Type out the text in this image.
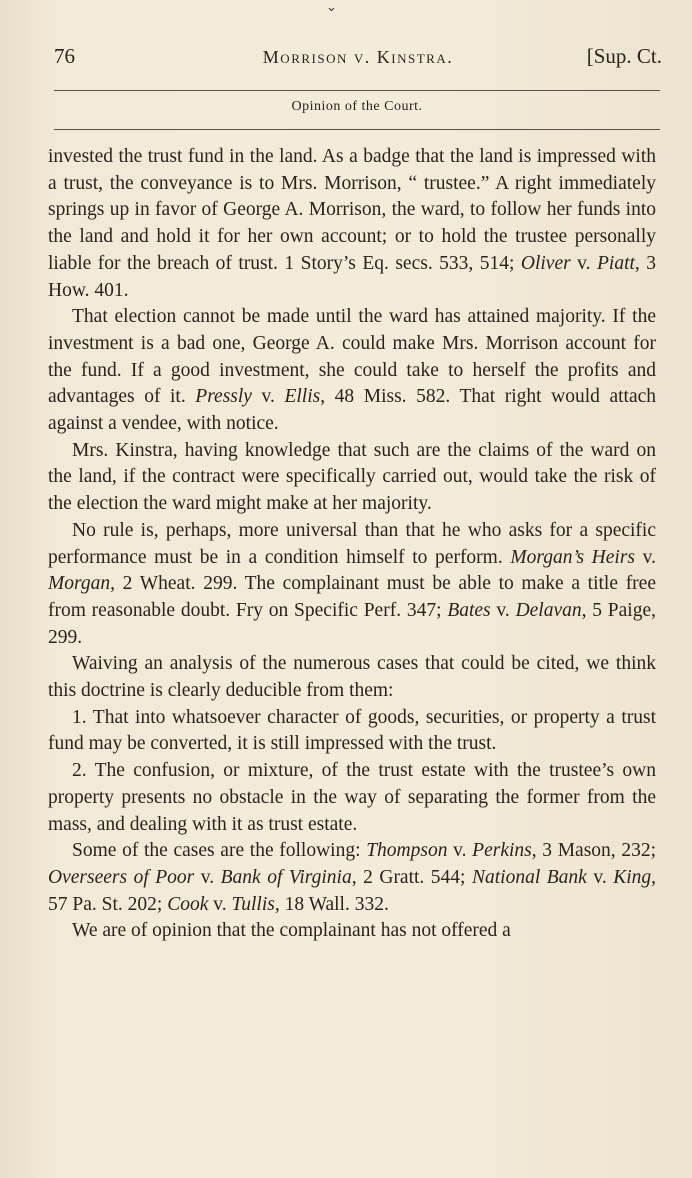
⌄
76	Morrison v. Kinstra.	[Sup. Ct.
Opinion of the Court.

invested the trust fund in the land. As a badge that the land is impressed with a trust, the conveyance is to Mrs. Morrison, “ trustee.” A right immediately springs up in favor of George A. Morrison, the ward, to follow her funds into the land and hold it for her own account; or to hold the trustee personally liable for the breach of trust. 1 Story’s Eq. secs. 533, 514; Oliver v. Piatt, 3 How. 401.

That election cannot be made until the ward has attained majority. If the investment is a bad one, George A. could make Mrs. Morrison account for the fund. If a good investment, she could take to herself the profits and advantages of it. Pressly v. Ellis, 48 Miss. 582. That right would attach against a vendee, with notice.

Mrs. Kinstra, having knowledge that such are the claims of the ward on the land, if the contract were specifically carried out, would take the risk of the election the ward might make at her majority.

No rule is, perhaps, more universal than that he who asks for a specific performance must be in a condition himself to perform. Morgan’s Heirs v. Morgan, 2 Wheat. 299. The complainant must be able to make a title free from reasonable doubt. Fry on Specific Perf. 347; Bates v. Delavan, 5 Paige, 299.

Waiving an analysis of the numerous cases that could be cited, we think this doctrine is clearly deducible from them:

1. That into whatsoever character of goods, securities, or property a trust fund may be converted, it is still impressed with the trust.

2. The confusion, or mixture, of the trust estate with the trustee’s own property presents no obstacle in the way of separating the former from the mass, and dealing with it as trust estate.

Some of the cases are the following: Thompson v. Perkins, 3 Mason, 232; Overseers of Poor v. Bank of Virginia, 2 Gratt. 544; National Bank v. King, 57 Pa. St. 202; Cook v. Tullis, 18 Wall. 332.

We are of opinion that the complainant has not offered a
